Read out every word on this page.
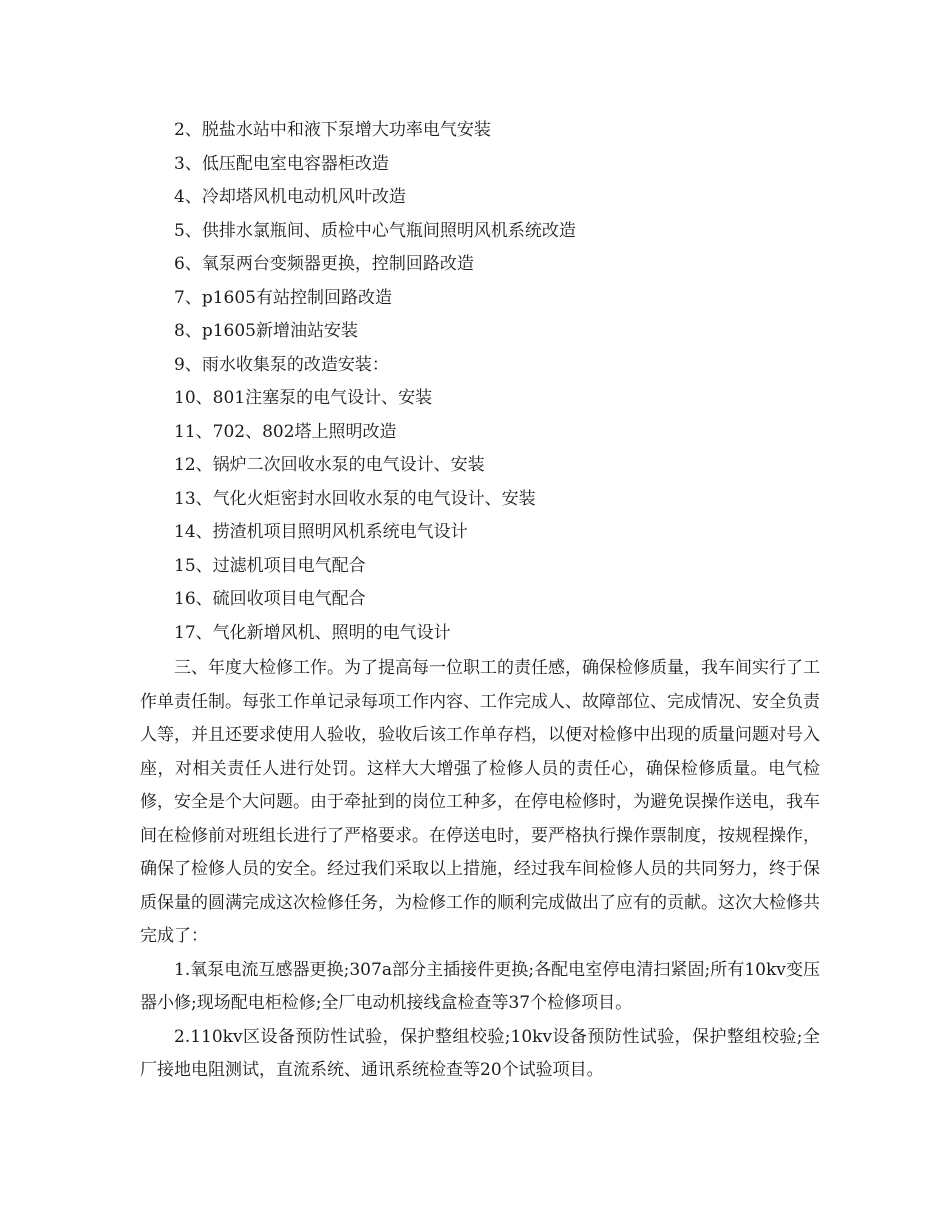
2、脱盐水站中和液下泵增大功率电气安装
3、低压配电室电容器柜改造
4、冷却塔风机电动机风叶改造
5、供排水氯瓶间、质检中心气瓶间照明风机系统改造
6、氧泵两台变频器更换，控制回路改造
7、p1605有站控制回路改造
8、p1605新增油站安装
9、雨水收集泵的改造安装：
10、801注塞泵的电气设计、安装
11、702、802塔上照明改造
12、锅炉二次回收水泵的电气设计、安装
13、气化火炬密封水回收水泵的电气设计、安装
14、捞渣机项目照明风机系统电气设计
15、过滤机项目电气配合
16、硫回收项目电气配合
17、气化新增风机、照明的电气设计

三、年度大检修工作。为了提高每一位职工的责任感，确保检修质量，我车间实行了工作单责任制。每张工作单记录每项工作内容、工作完成人、故障部位、完成情况、安全负责人等，并且还要求使用人验收，验收后该工作单存档，以便对检修中出现的质量问题对号入座，对相关责任人进行处罚。这样大大增强了检修人员的责任心，确保检修质量。电气检修，安全是个大问题。由于牵扯到的岗位工种多，在停电检修时，为避免误操作送电，我车间在检修前对班组长进行了严格要求。在停送电时，要严格执行操作票制度，按规程操作，确保了检修人员的安全。经过我们采取以上措施，经过我车间检修人员的共同努力，终于保质保量的圆满完成这次检修任务，为检修工作的顺利完成做出了应有的贡献。这次大检修共完成了：

1.氧泵电流互感器更换;307a部分主插接件更换;各配电室停电清扫紧固;所有10kv变压器小修;现场配电柜检修;全厂电动机接线盒检查等37个检修项目。

2.110kv区设备预防性试验，保护整组校验;10kv设备预防性试验，保护整组校验;全厂接地电阻测试，直流系统、通讯系统检查等20个试验项目。
